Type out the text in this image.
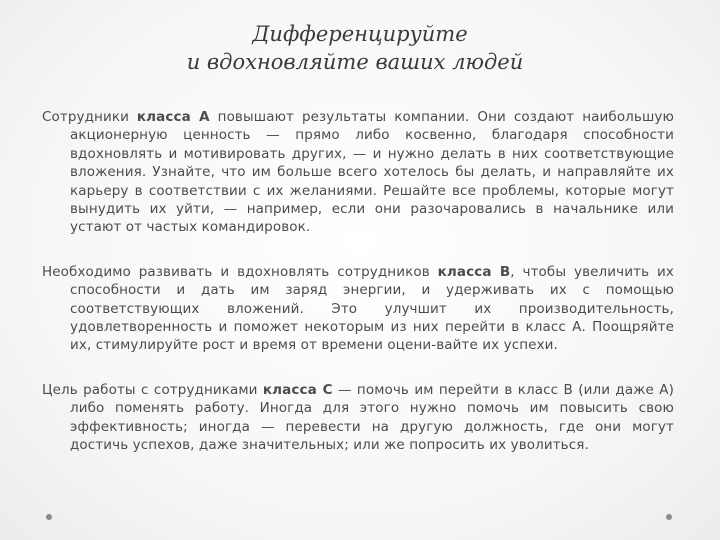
Дифференцируйте
и вдохновляйте ваших людей

Сотрудники класса А повышают результаты компании. Они создают наибольшую акционерную ценность — прямо либо косвенно, благодаря способности вдохновлять и мотивировать других, — и нужно делать в них соответствующие вложения. Узнайте, что им больше всего хотелось бы делать, и направляйте их карьеру в соответствии с их желаниями. Решайте все проблемы, которые могут вынудить их уйти, — например, если они разочаровались в начальнике или устают от частых командировок.

Необходимо развивать и вдохновлять сотрудников класса В, чтобы увеличить их способности и дать им заряд энергии, и удерживать их с помощью соответствующих вложений. Это улучшит их производительность, удовлетворенность и поможет некоторым из них перейти в класс А. Поощряйте их, стимулируйте рост и время от времени оцени-вайте их успехи.

Цель работы с сотрудниками класса С — помочь им перейти в класс В (или даже А) либо поменять работу. Иногда для этого нужно помочь им повысить свою эффективность; иногда — перевести на другую должность, где они могут достичь успехов, даже значительных; или же попросить их уволиться.
